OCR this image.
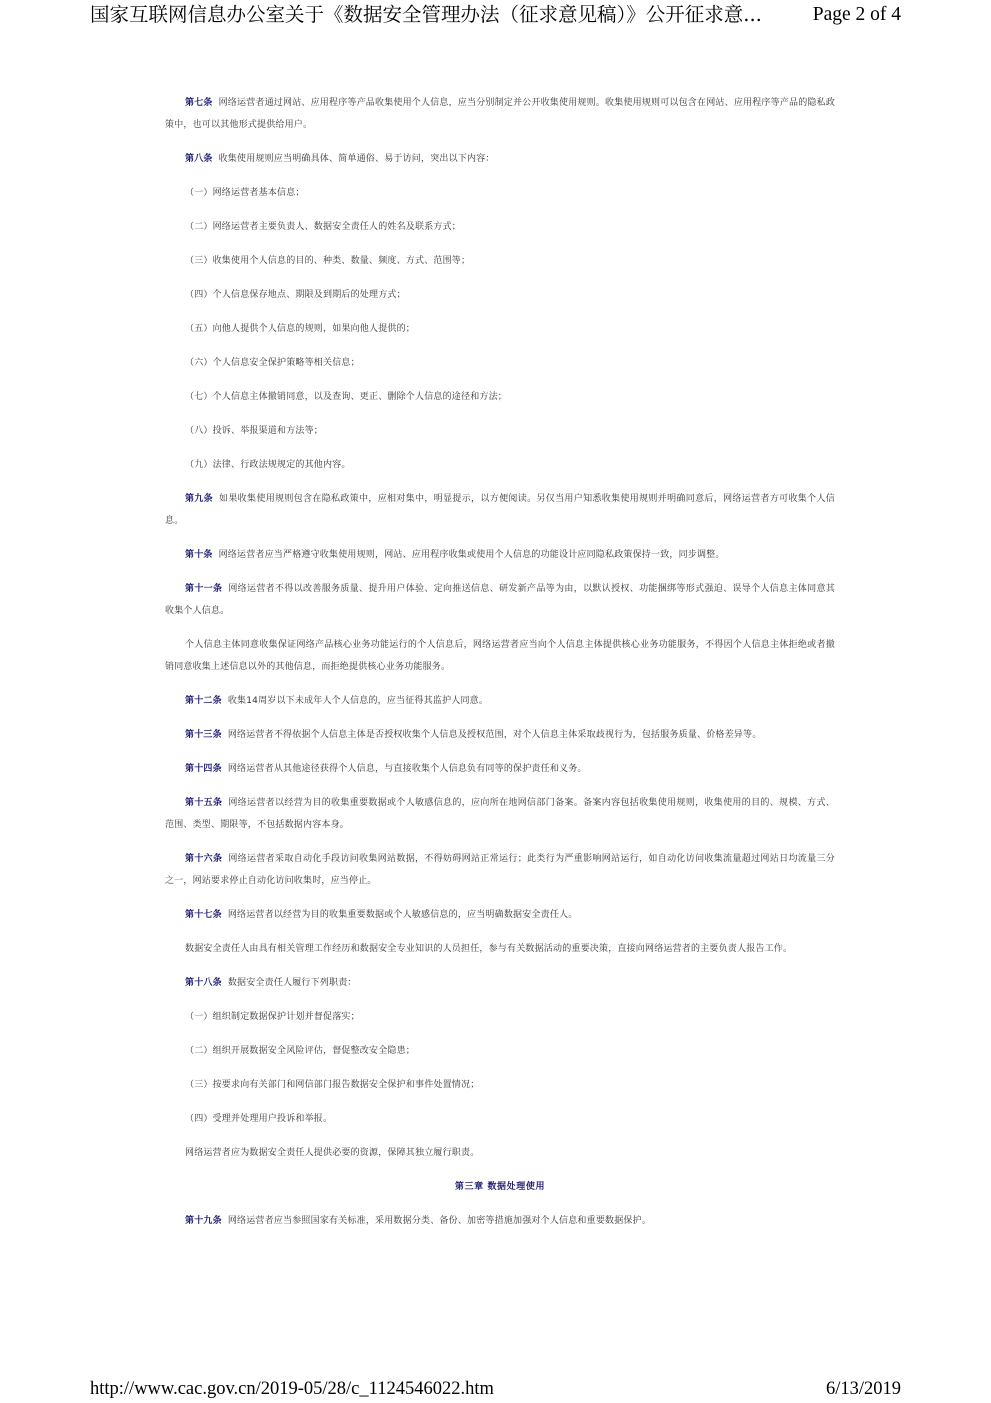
国家互联网信息办公室关于《数据安全管理办法（征求意见稿）》公开征求意...	Page 2 of 4

第七条 网络运营者通过网站、应用程序等产品收集使用个人信息，应当分别制定并公开收集使用规则。收集使用规则可以包含在网站、应用程序等产品的隐私政策中，也可以其他形式提供给用户。

第八条 收集使用规则应当明确具体、简单通俗、易于访问，突出以下内容：

（一）网络运营者基本信息；

（二）网络运营者主要负责人、数据安全责任人的姓名及联系方式；

（三）收集使用个人信息的目的、种类、数量、频度、方式、范围等；

（四）个人信息保存地点、期限及到期后的处理方式；

（五）向他人提供个人信息的规则，如果向他人提供的；

（六）个人信息安全保护策略等相关信息；

（七）个人信息主体撤销同意，以及查询、更正、删除个人信息的途径和方法；

（八）投诉、举报渠道和方法等；

（九）法律、行政法规规定的其他内容。

第九条 如果收集使用规则包含在隐私政策中，应相对集中，明显提示，以方便阅读。另仅当用户知悉收集使用规则并明确同意后，网络运营者方可收集个人信息。

第十条 网络运营者应当严格遵守收集使用规则，网站、应用程序收集或使用个人信息的功能设计应同隐私政策保持一致，同步调整。

第十一条 网络运营者不得以改善服务质量、提升用户体验、定向推送信息、研发新产品等为由，以默认授权、功能捆绑等形式强迫、误导个人信息主体同意其收集个人信息。

个人信息主体同意收集保证网络产品核心业务功能运行的个人信息后，网络运营者应当向个人信息主体提供核心业务功能服务，不得因个人信息主体拒绝或者撤销同意收集上述信息以外的其他信息，而拒绝提供核心业务功能服务。

第十二条 收集14周岁以下未成年人个人信息的，应当征得其监护人同意。

第十三条 网络运营者不得依据个人信息主体是否授权收集个人信息及授权范围，对个人信息主体采取歧视行为，包括服务质量、价格差异等。

第十四条 网络运营者从其他途径获得个人信息，与直接收集个人信息负有同等的保护责任和义务。

第十五条 网络运营者以经营为目的收集重要数据或个人敏感信息的，应向所在地网信部门备案。备案内容包括收集使用规则，收集使用的目的、规模、方式、范围、类型、期限等，不包括数据内容本身。

第十六条 网络运营者采取自动化手段访问收集网站数据，不得妨碍网站正常运行；此类行为严重影响网站运行，如自动化访问收集流量超过网站日均流量三分之一，网站要求停止自动化访问收集时，应当停止。

第十七条 网络运营者以经营为目的收集重要数据或个人敏感信息的，应当明确数据安全责任人。

数据安全责任人由具有相关管理工作经历和数据安全专业知识的人员担任，参与有关数据活动的重要决策，直接向网络运营者的主要负责人报告工作。

第十八条 数据安全责任人履行下列职责：

（一）组织制定数据保护计划并督促落实；

（二）组织开展数据安全风险评估，督促整改安全隐患；

（三）按要求向有关部门和网信部门报告数据安全保护和事件处置情况；

（四）受理并处理用户投诉和举报。

网络运营者应为数据安全责任人提供必要的资源，保障其独立履行职责。

第三章 数据处理使用

第十九条 网络运营者应当参照国家有关标准，采用数据分类、备份、加密等措施加强对个人信息和重要数据保护。

http://www.cac.gov.cn/2019-05/28/c_1124546022.htm	6/13/2019
